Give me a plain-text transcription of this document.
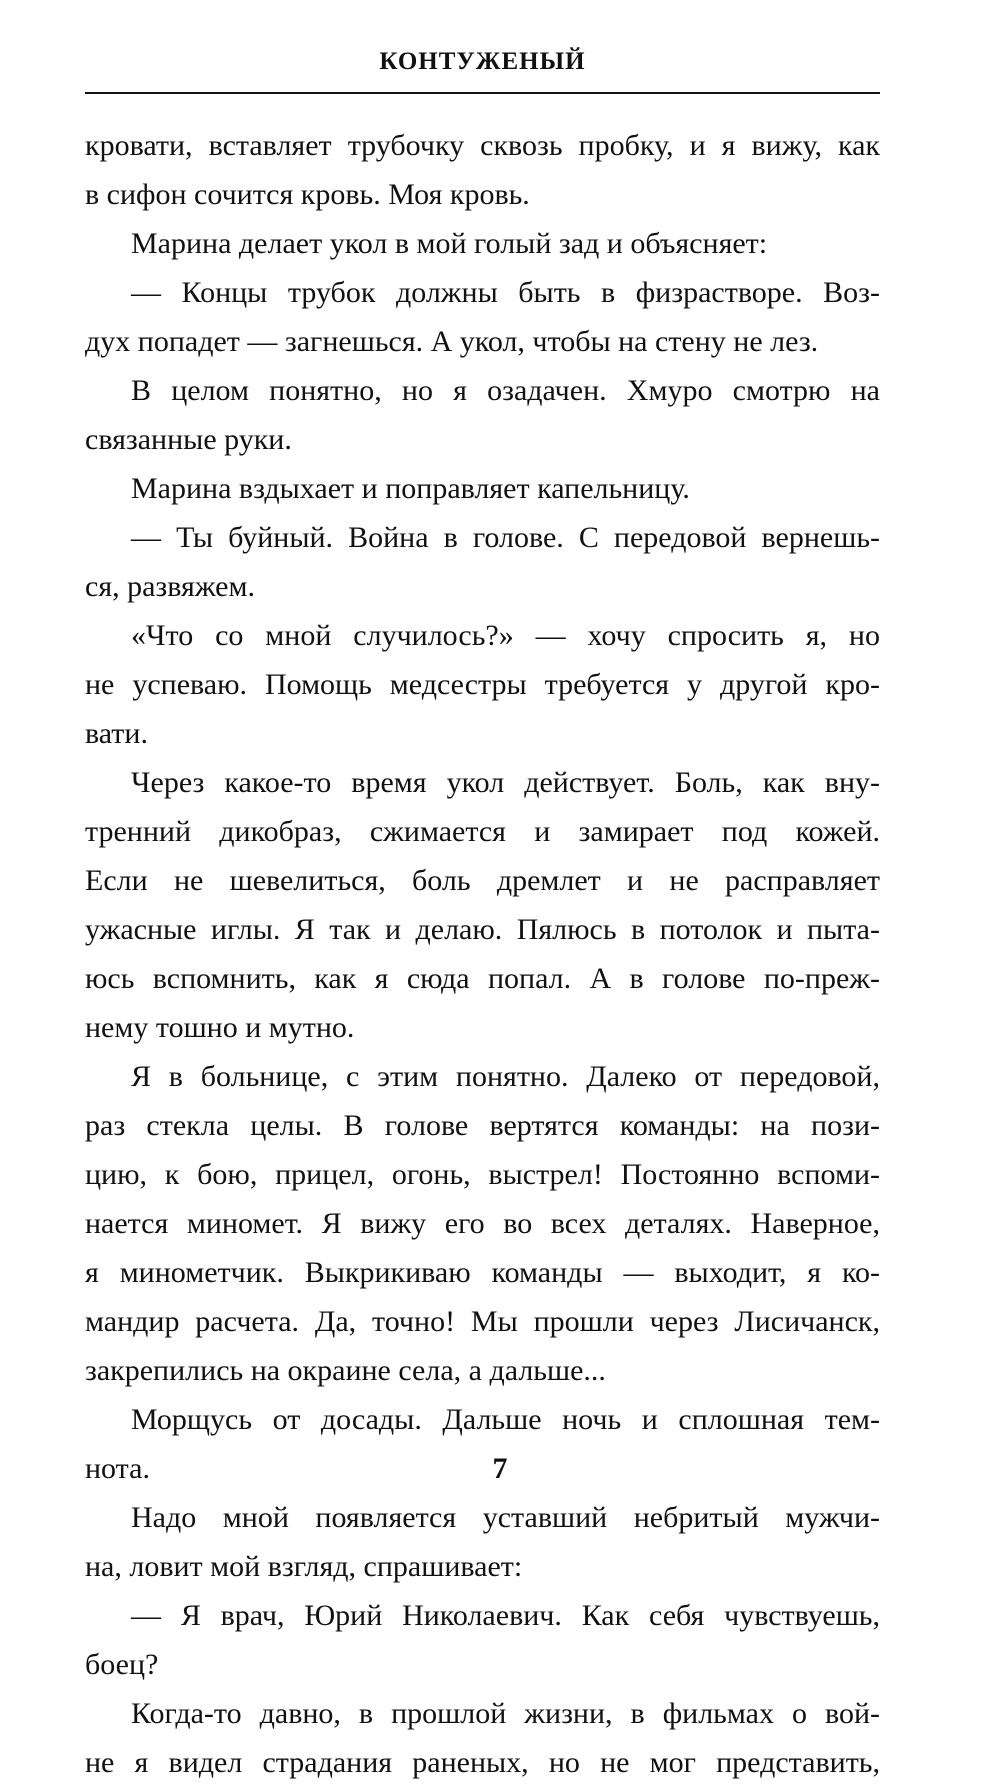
КОНТУЖЕНЫЙ
кровати, вставляет трубочку сквозь пробку, и я вижу, как
в сифон сочится кровь. Моя кровь.
Марина делает укол в мой голый зад и объясняет:
— Концы трубок должны быть в физрастворе. Воз-
дух попадет — загнешься. А укол, чтобы на стену не лез.
В целом понятно, но я озадачен. Хмуро смотрю на
связанные руки.
Марина вздыхает и поправляет капельницу.
— Ты буйный. Война в голове. С передовой вернешь-
ся, развяжем.
«Что со мной случилось?» — хочу спросить я, но
не успеваю. Помощь медсестры требуется у другой кро-
вати.
Через какое-то время укол действует. Боль, как вну-
тренний дикобраз, сжимается и замирает под кожей.
Если не шевелиться, боль дремлет и не расправляет
ужасные иглы. Я так и делаю. Пялюсь в потолок и пыта-
юсь вспомнить, как я сюда попал. А в голове по-преж-
нему тошно и мутно.
Я в больнице, с этим понятно. Далеко от передовой,
раз стекла целы. В голове вертятся команды: на пози-
цию, к бою, прицел, огонь, выстрел! Постоянно вспоми-
нается миномет. Я вижу его во всех деталях. Наверное,
я минометчик. Выкрикиваю команды — выходит, я ко-
мандир расчета. Да, точно! Мы прошли через Лисичанск,
закрепились на окраине села, а дальше...
Морщусь от досады. Дальше ночь и сплошная тем-
нота.
Надо мной появляется уставший небритый мужчи-
на, ловит мой взгляд, спрашивает:
— Я врач, Юрий Николаевич. Как себя чувствуешь,
боец?
Когда-то давно, в прошлой жизни, в фильмах о вой-
не я видел страдания раненых, но не мог представить,
7
